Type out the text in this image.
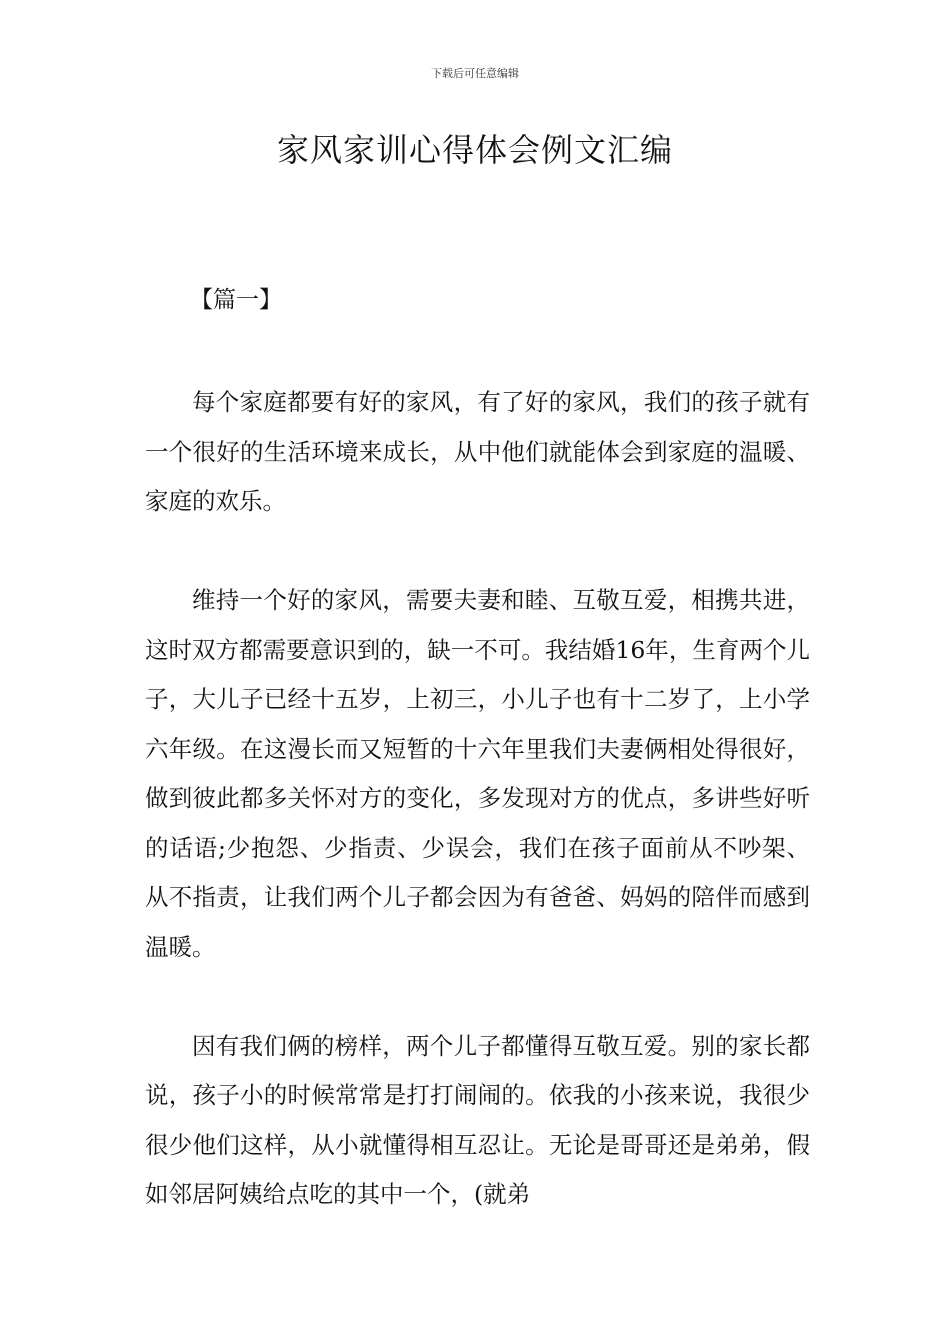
下载后可任意编辑
家风家训心得体会例文汇编
【篇一】

每个家庭都要有好的家风，有了好的家风，我们的孩子就有一个很好的生活环境来成长，从中他们就能体会到家庭的温暖、家庭的欢乐。

维持一个好的家风，需要夫妻和睦、互敬互爱，相携共进，这时双方都需要意识到的，缺一不可。我结婚16年，生育两个儿子，大儿子已经十五岁，上初三，小儿子也有十二岁了，上小学六年级。在这漫长而又短暂的十六年里我们夫妻俩相处得很好，做到彼此都多关怀对方的变化，多发现对方的优点，多讲些好听的话语;少抱怨、少指责、少误会，我们在孩子面前从不吵架、从不指责，让我们两个儿子都会因为有爸爸、妈妈的陪伴而感到温暖。

因有我们俩的榜样，两个儿子都懂得互敬互爱。别的家长都说，孩子小的时候常常是打打闹闹的。依我的小孩来说，我很少很少他们这样，从小就懂得相互忍让。无论是哥哥还是弟弟，假如邻居阿姨给点吃的其中一个，(就弟
